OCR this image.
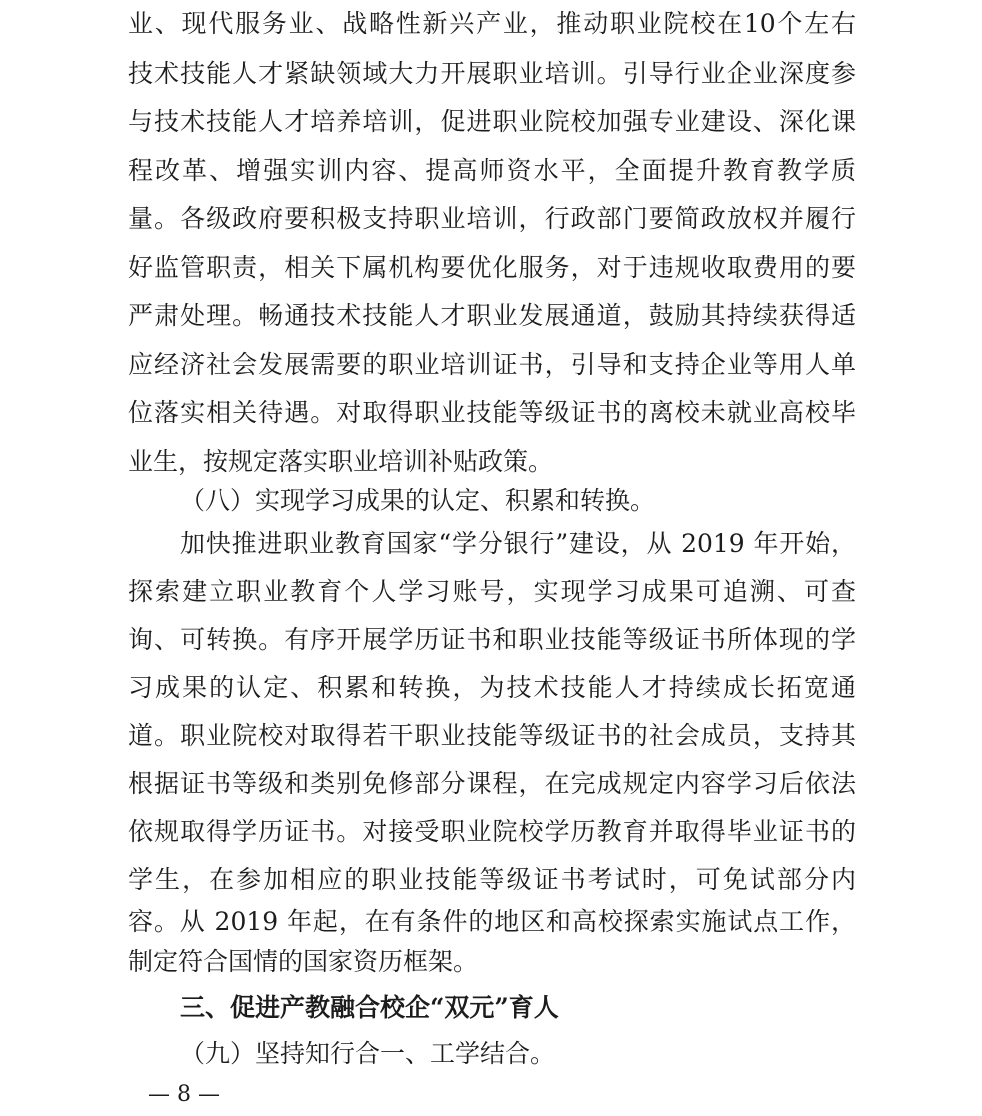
业、现代服务业、战略性新兴产业，推动职业院校在10个左右
技术技能人才紧缺领域大力开展职业培训。引导行业企业深度参
与技术技能人才培养培训，促进职业院校加强专业建设、深化课
程改革、增强实训内容、提高师资水平，全面提升教育教学质
量。各级政府要积极支持职业培训，行政部门要简政放权并履行
好监管职责，相关下属机构要优化服务，对于违规收取费用的要
严肃处理。畅通技术技能人才职业发展通道，鼓励其持续获得适
应经济社会发展需要的职业培训证书，引导和支持企业等用人单
位落实相关待遇。对取得职业技能等级证书的离校未就业高校毕
业生，按规定落实职业培训补贴政策。
（八）实现学习成果的认定、积累和转换。
加快推进职业教育国家“学分银行”建设，从 2019 年开始，
探索建立职业教育个人学习账号，实现学习成果可追溯、可查
询、可转换。有序开展学历证书和职业技能等级证书所体现的学
习成果的认定、积累和转换，为技术技能人才持续成长拓宽通
道。职业院校对取得若干职业技能等级证书的社会成员，支持其
根据证书等级和类别免修部分课程，在完成规定内容学习后依法
依规取得学历证书。对接受职业院校学历教育并取得毕业证书的
学生，在参加相应的职业技能等级证书考试时，可免试部分内
容。从 2019 年起，在有条件的地区和高校探索实施试点工作，
制定符合国情的国家资历框架。
三、促进产教融合校企“双元”育人
（九）坚持知行合一、工学结合。
— 8 —
